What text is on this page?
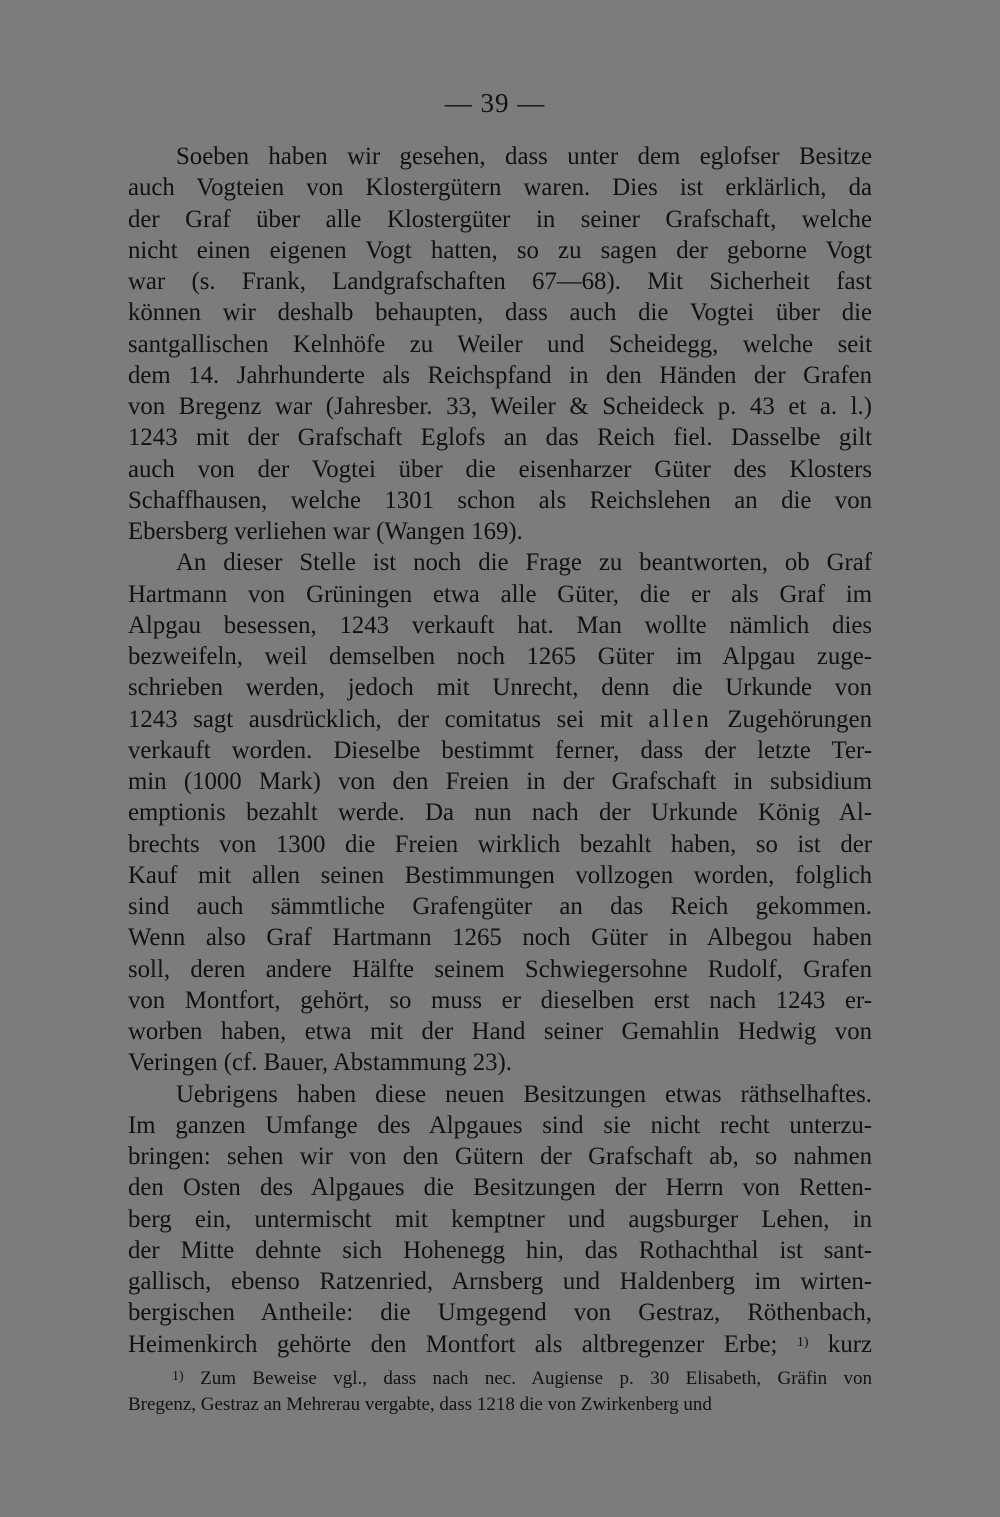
— 39 —
Soeben haben wir gesehen, dass unter dem eglofser Besitze
auch Vogteien von Klostergütern waren. Dies ist erklärlich, da
der Graf über alle Klostergüter in seiner Grafschaft, welche
nicht einen eigenen Vogt hatten, so zu sagen der geborne Vogt
war (s. Frank, Landgrafschaften 67—68). Mit Sicherheit fast
können wir deshalb behaupten, dass auch die Vogtei über die
santgallischen Kelnhöfe zu Weiler und Scheidegg, welche seit
dem 14. Jahrhunderte als Reichspfand in den Händen der Grafen
von Bregenz war (Jahresber. 33, Weiler & Scheideck p. 43 et a. l.)
1243 mit der Grafschaft Eglofs an das Reich fiel. Dasselbe gilt
auch von der Vogtei über die eisenharzer Güter des Klosters
Schaffhausen, welche 1301 schon als Reichslehen an die von
Ebersberg verliehen war (Wangen 169).
An dieser Stelle ist noch die Frage zu beantworten, ob Graf
Hartmann von Grüningen etwa alle Güter, die er als Graf im
Alpgau besessen, 1243 verkauft hat. Man wollte nämlich dies
bezweifeln, weil demselben noch 1265 Güter im Alpgau zuge-
schrieben werden, jedoch mit Unrecht, denn die Urkunde von
1243 sagt ausdrücklich, der comitatus sei mit allen Zugehörungen
verkauft worden. Dieselbe bestimmt ferner, dass der letzte Ter-
min (1000 Mark) von den Freien in der Grafschaft in subsidium
emptionis bezahlt werde. Da nun nach der Urkunde König Al-
brechts von 1300 die Freien wirklich bezahlt haben, so ist der
Kauf mit allen seinen Bestimmungen vollzogen worden, folglich
sind auch sämmtliche Grafengüter an das Reich gekommen.
Wenn also Graf Hartmann 1265 noch Güter in Albegou haben
soll, deren andere Hälfte seinem Schwiegersohne Rudolf, Grafen
von Montfort, gehört, so muss er dieselben erst nach 1243 er-
worben haben, etwa mit der Hand seiner Gemahlin Hedwig von
Veringen (cf. Bauer, Abstammung 23).
Uebrigens haben diese neuen Besitzungen etwas räthselhaftes.
Im ganzen Umfange des Alpgaues sind sie nicht recht unterzu-
bringen: sehen wir von den Gütern der Grafschaft ab, so nahmen
den Osten des Alpgaues die Besitzungen der Herrn von Retten-
berg ein, untermischt mit kemptner und augsburger Lehen, in
der Mitte dehnte sich Hohenegg hin, das Rothachthal ist sant-
gallisch, ebenso Ratzenried, Arnsberg und Haldenberg im wirten-
bergischen Antheile: die Umgegend von Gestraz, Röthenbach,
Heimenkirch gehörte den Montfort als altbregenzer Erbe; $^{1)}$ kurz
$^{1)}$ Zum Beweise vgl., dass nach nec. Augiense p. 30 Elisabeth, Gräfin von
Bregenz, Gestraz an Mehrerau vergabte, dass 1218 die von Zwirkenberg und
